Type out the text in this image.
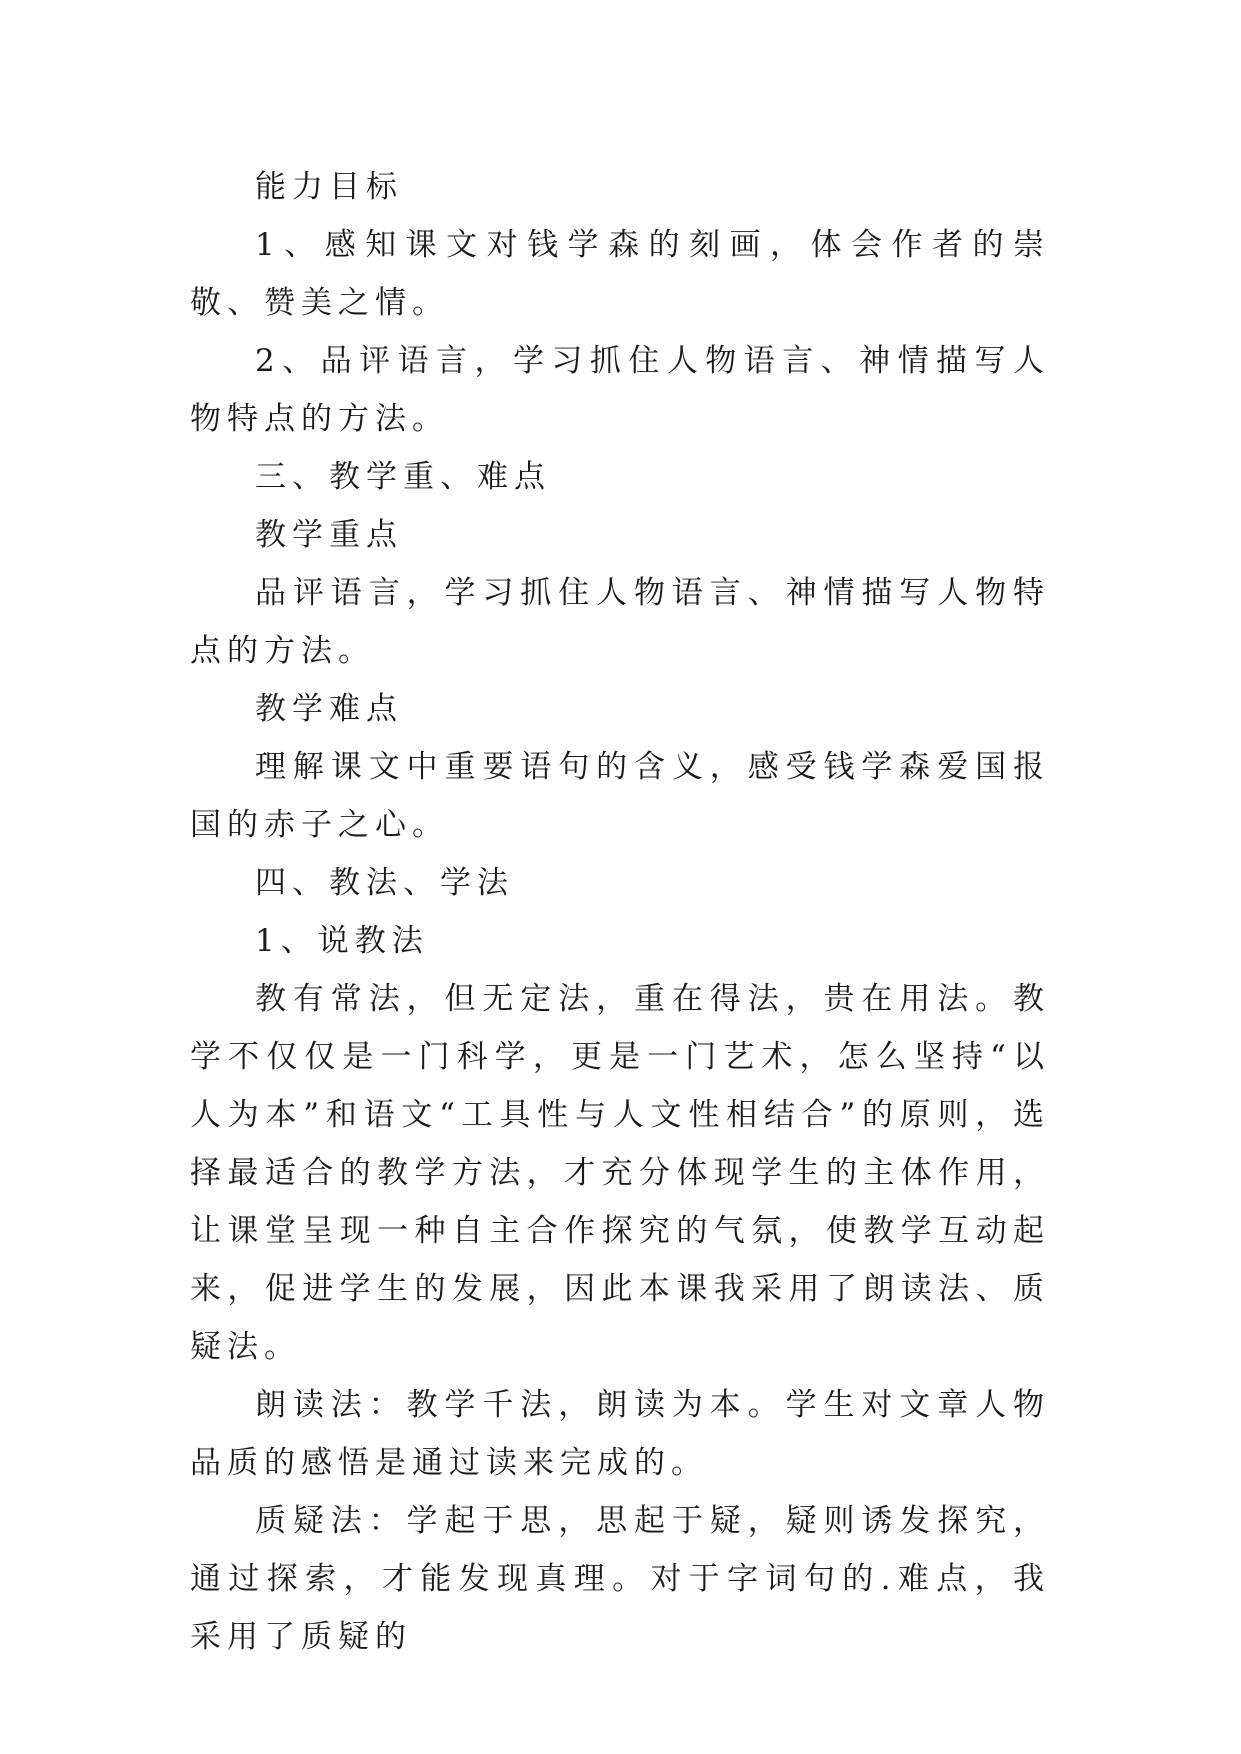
能力目标

1、感知课文对钱学森的刻画，体会作者的崇敬、赞美之情。

2、品评语言，学习抓住人物语言、神情描写人物特点的方法。

三、教学重、难点

教学重点

品评语言，学习抓住人物语言、神情描写人物特点的方法。

教学难点

理解课文中重要语句的含义，感受钱学森爱国报国的赤子之心。

四、教法、学法

1、说教法

教有常法，但无定法，重在得法，贵在用法。教学不仅仅是一门科学，更是一门艺术，怎么坚持“以人为本”和语文“工具性与人文性相结合”的原则，选择最适合的教学方法，才充分体现学生的主体作用，让课堂呈现一种自主合作探究的气氛，使教学互动起来，促进学生的发展，因此本课我采用了朗读法、质疑法。

朗读法：教学千法，朗读为本。学生对文章人物品质的感悟是通过读来完成的。

质疑法：学起于思，思起于疑，疑则诱发探究，通过探索，才能发现真理。对于字词句的.难点，我采用了质疑的
